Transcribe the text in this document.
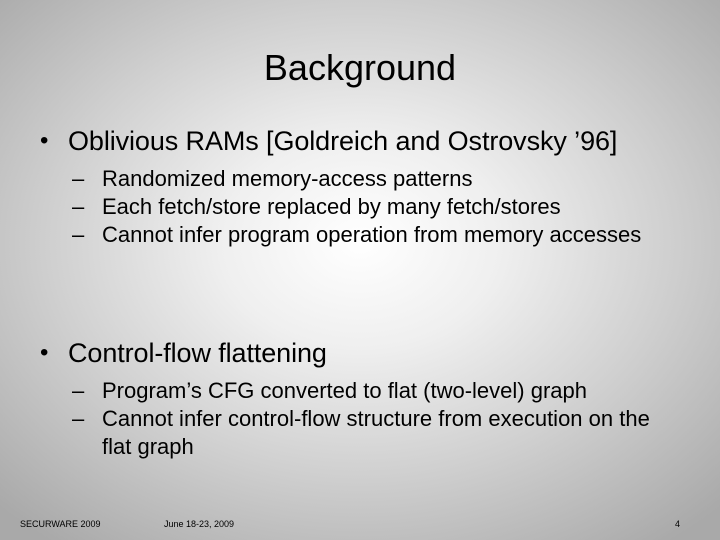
Background
• Oblivious RAMs [Goldreich and Ostrovsky ’96]
– Randomized memory-access patterns
– Each fetch/store replaced by many fetch/stores
– Cannot infer program operation from memory accesses
• Control-flow flattening
– Program’s CFG converted to flat (two-level) graph
– Cannot infer control-flow structure from execution on the flat graph
SECURWARE 2009	June 18-23, 2009	4
